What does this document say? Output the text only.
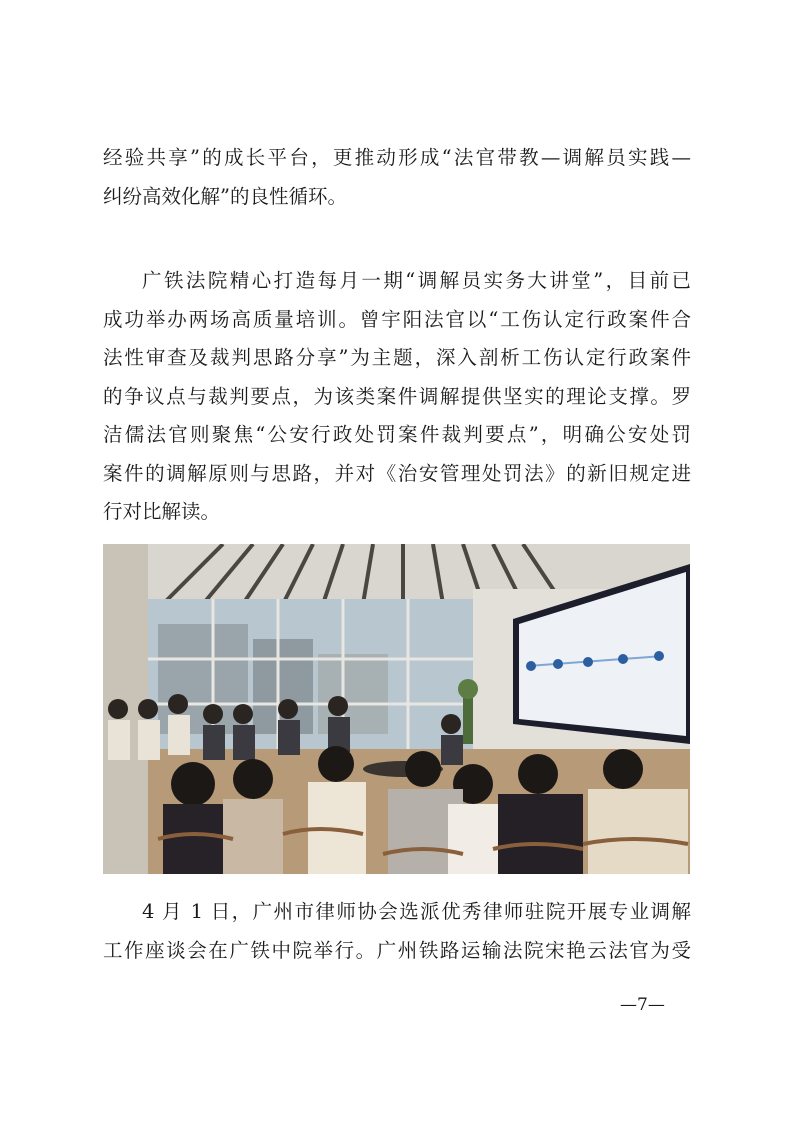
经验共享”的成长平台，更推动形成“法官带教—调解员实践—
纠纷高效化解”的良性循环。

广铁法院精心打造每月一期“调解员实务大讲堂”，目前已
成功举办两场高质量培训。曾宇阳法官以“工伤认定行政案件合
法性审查及裁判思路分享”为主题，深入剖析工伤认定行政案件
的争议点与裁判要点，为该类案件调解提供坚实的理论支撑。罗
洁儒法官则聚焦“公安行政处罚案件裁判要点”，明确公安处罚
案件的调解原则与思路，并对《治安管理处罚法》的新旧规定进
行对比解读。

4 月 1 日，广州市律师协会选派优秀律师驻院开展专业调解
工作座谈会在广铁中院举行。广州铁路运输法院宋艳云法官为受

—7—
